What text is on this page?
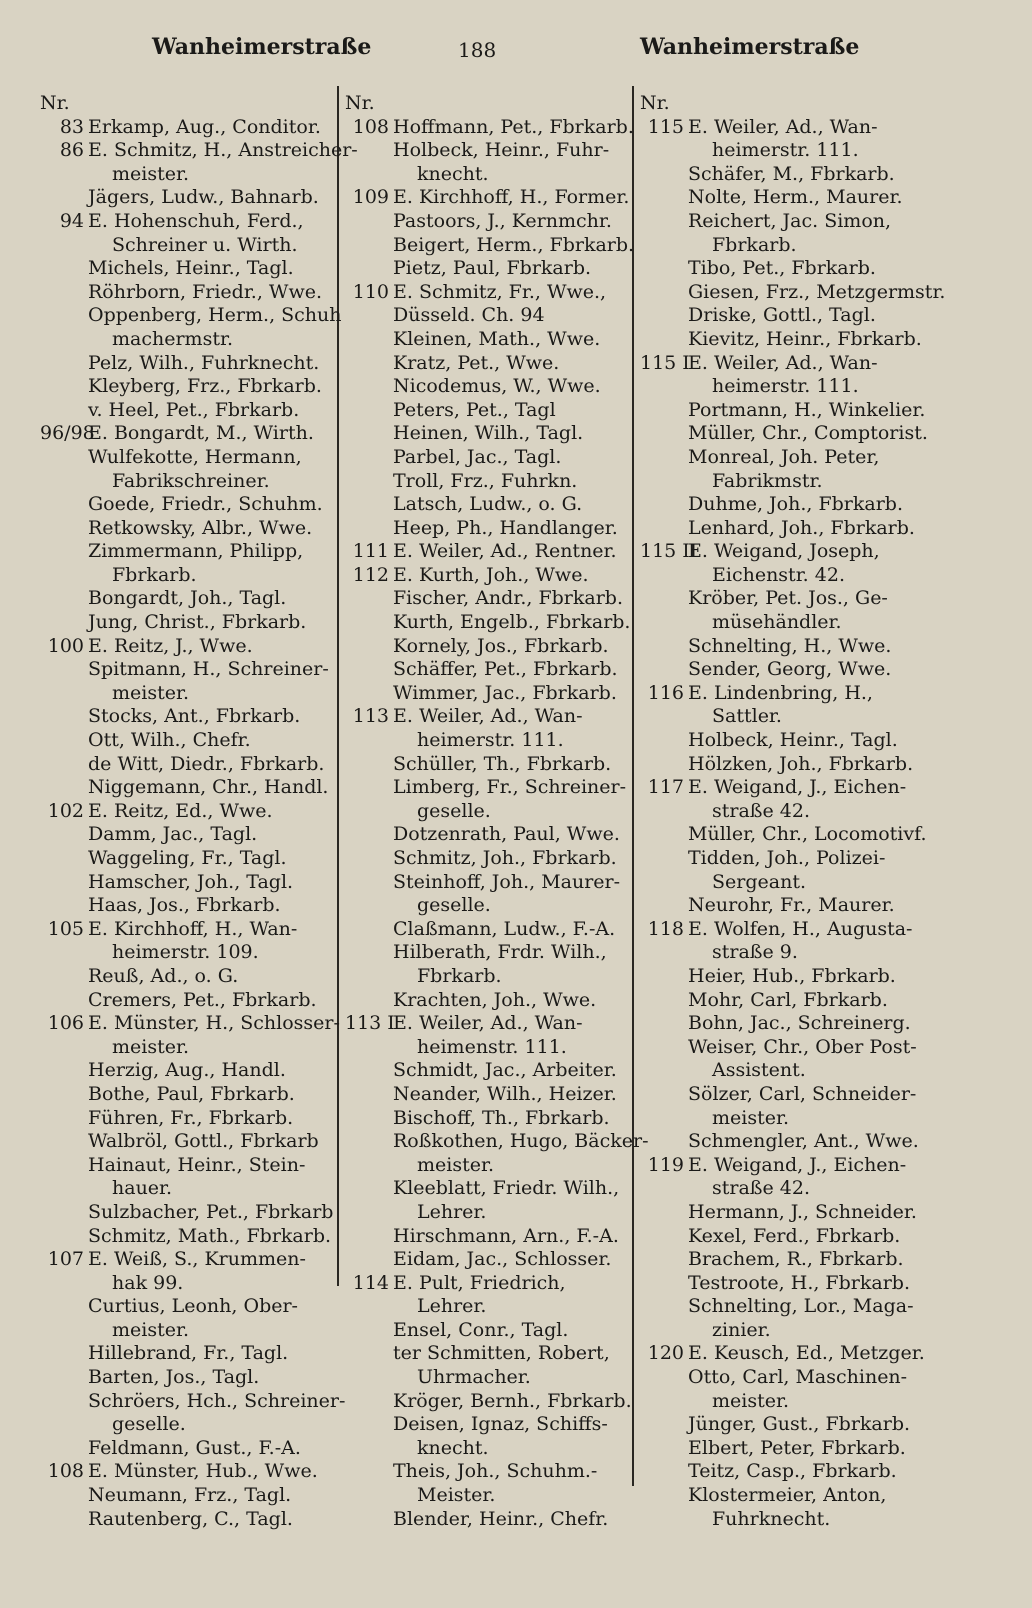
Wanheimerstraße	188	Wanheimerstraße
Nr.
83 Erkamp, Aug., Conditor.
86 E. Schmitz, H., Anstreicher-
meister.
Jägers, Ludw., Bahnarb.
94 E. Hohenschuh, Ferd.,
Schreiner u. Wirth.
Michels, Heinr., Tagl.
Röhrborn, Friedr., Wwe.
Oppenberg, Herm., Schuh
machermstr.
Pelz, Wilh., Fuhrknecht.
Kleyberg, Frz., Fbrkarb.
v. Heel, Pet., Fbrkarb.
96/98E. Bongardt, M., Wirth.
Wulfekotte, Hermann,
Fabrikschreiner.
Goede, Friedr., Schuhm.
Retkowsky, Albr., Wwe.
Zimmermann, Philipp,
Fbrkarb.
Bongardt, Joh., Tagl.
Jung, Christ., Fbrkarb.
100 E. Reitz, J., Wwe.
Spitmann, H., Schreiner-
meister.
Stocks, Ant., Fbrkarb.
Ott, Wilh., Chefr.
de Witt, Diedr., Fbrkarb.
Niggemann, Chr., Handl.
102 E. Reitz, Ed., Wwe.
Damm, Jac., Tagl.
Waggeling, Fr., Tagl.
Hamscher, Joh., Tagl.
Haas, Jos., Fbrkarb.
105 E. Kirchhoff, H., Wan-
heimerstr. 109.
Reuß, Ad., o. G.
Cremers, Pet., Fbrkarb.
106 E. Münster, H., Schlosser-
meister.
Herzig, Aug., Handl.
Bothe, Paul, Fbrkarb.
Führen, Fr., Fbrkarb.
Walbröl, Gottl., Fbrkarb
Hainaut, Heinr., Stein-
hauer.
Sulzbacher, Pet., Fbrkarb
Schmitz, Math., Fbrkarb.
107 E. Weiß, S., Krummen-
hak 99.
Curtius, Leonh, Ober-
meister.
Hillebrand, Fr., Tagl.
Barten, Jos., Tagl.
Schröers, Hch., Schreiner-
geselle.
Feldmann, Gust., F.-A.
108 E. Münster, Hub., Wwe.
Neumann, Frz., Tagl.
Rautenberg, C., Tagl.
Nr.
108 Hoffmann, Pet., Fbrkarb.
Holbeck, Heinr., Fuhr-
knecht.
109 E. Kirchhoff, H., Former.
Pastoors, J., Kernmchr.
Beigert, Herm., Fbrkarb.
Pietz, Paul, Fbrkarb.
110 E. Schmitz, Fr., Wwe.,
Düsseld. Ch. 94
Kleinen, Math., Wwe.
Kratz, Pet., Wwe.
Nicodemus, W., Wwe.
Peters, Pet., Tagl
Heinen, Wilh., Tagl.
Parbel, Jac., Tagl.
Troll, Frz., Fuhrkn.
Latsch, Ludw., o. G.
Heep, Ph., Handlanger.
111 E. Weiler, Ad., Rentner.
112 E. Kurth, Joh., Wwe.
Fischer, Andr., Fbrkarb.
Kurth, Engelb., Fbrkarb.
Kornely, Jos., Fbrkarb.
Schäffer, Pet., Fbrkarb.
Wimmer, Jac., Fbrkarb.
113 E. Weiler, Ad., Wan-
heimerstr. 111.
Schüller, Th., Fbrkarb.
Limberg, Fr., Schreiner-
geselle.
Dotzenrath, Paul, Wwe.
Schmitz, Joh., Fbrkarb.
Steinhoff, Joh., Maurer-
geselle.
Claßmann, Ludw., F.-A.
Hilberath, Frdr. Wilh.,
Fbrkarb.
Krachten, Joh., Wwe.
113 IE. Weiler, Ad., Wan-
heimenstr. 111.
Schmidt, Jac., Arbeiter.
Neander, Wilh., Heizer.
Bischoff, Th., Fbrkarb.
Roßkothen, Hugo, Bäcker-
meister.
Kleeblatt, Friedr. Wilh.,
Lehrer.
Hirschmann, Arn., F.-A.
Eidam, Jac., Schlosser.
114 E. Pult, Friedrich,
Lehrer.
Ensel, Conr., Tagl.
ter Schmitten, Robert,
Uhrmacher.
Kröger, Bernh., Fbrkarb.
Deisen, Ignaz, Schiffs-
knecht.
Theis, Joh., Schuhm.-
Meister.
Blender, Heinr., Chefr.
Nr.
115 E. Weiler, Ad., Wan-
heimerstr. 111.
Schäfer, M., Fbrkarb.
Nolte, Herm., Maurer.
Reichert, Jac. Simon,
Fbrkarb.
Tibo, Pet., Fbrkarb.
Giesen, Frz., Metzgermstr.
Driske, Gottl., Tagl.
Kievitz, Heinr., Fbrkarb.
115 IE. Weiler, Ad., Wan-
heimerstr. 111.
Portmann, H., Winkelier.
Müller, Chr., Comptorist.
Monreal, Joh. Peter,
Fabrikmstr.
Duhme, Joh., Fbrkarb.
Lenhard, Joh., Fbrkarb.
115 IIE. Weigand, Joseph,
Eichenstr. 42.
Kröber, Pet. Jos., Ge-
müsehändler.
Schnelting, H., Wwe.
Sender, Georg, Wwe.
116 E. Lindenbring, H.,
Sattler.
Holbeck, Heinr., Tagl.
Hölzken, Joh., Fbrkarb.
117 E. Weigand, J., Eichen-
straße 42.
Müller, Chr., Locomotivf.
Tidden, Joh., Polizei-
Sergeant.
Neurohr, Fr., Maurer.
118 E. Wolfen, H., Augusta-
straße 9.
Heier, Hub., Fbrkarb.
Mohr, Carl, Fbrkarb.
Bohn, Jac., Schreinerg.
Weiser, Chr., Ober Post-
Assistent.
Sölzer, Carl, Schneider-
meister.
Schmengler, Ant., Wwe.
119 E. Weigand, J., Eichen-
straße 42.
Hermann, J., Schneider.
Kexel, Ferd., Fbrkarb.
Brachem, R., Fbrkarb.
Testroote, H., Fbrkarb.
Schnelting, Lor., Maga-
zinier.
120 E. Keusch, Ed., Metzger.
Otto, Carl, Maschinen-
meister.
Jünger, Gust., Fbrkarb.
Elbert, Peter, Fbrkarb.
Teitz, Casp., Fbrkarb.
Klostermeier, Anton,
Fuhrknecht.
